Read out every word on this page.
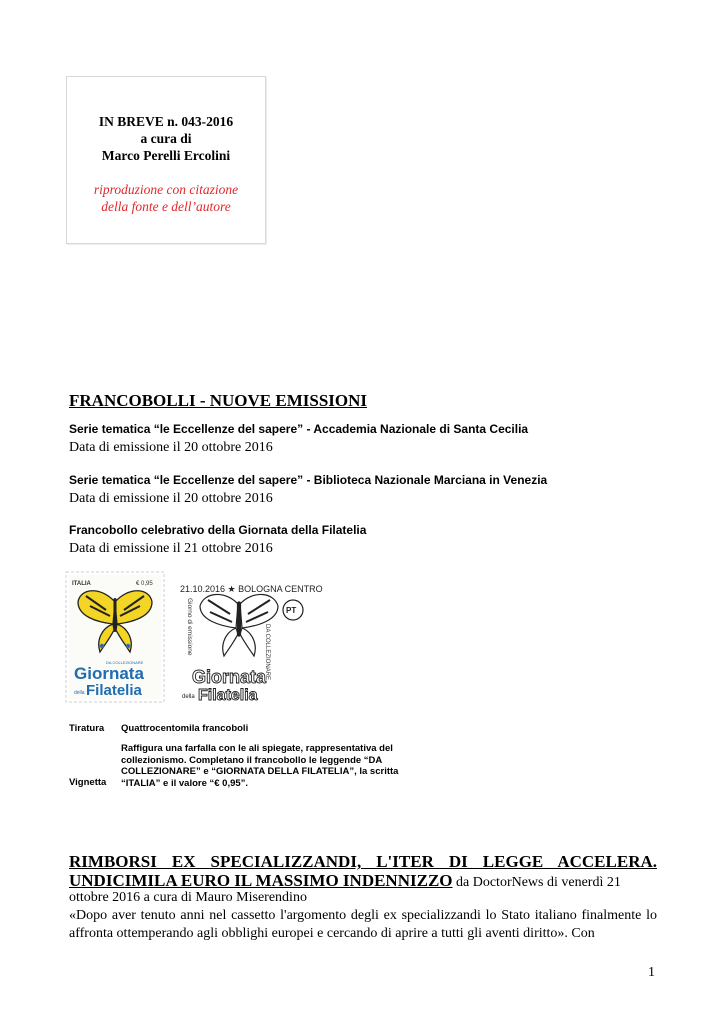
IN BREVE n. 043-2016
a cura di
Marco Perelli Ercolini
riproduzione con citazione
della fonte e dell’autore
FRANCOBOLLI - NUOVE EMISSIONI
Serie tematica “le Eccellenze del sapere” - Accademia Nazionale di Santa Cecilia
Data di emissione il 20 ottobre 2016
Serie tematica “le Eccellenze del sapere” - Biblioteca Nazionale Marciana in Venezia
Data di emissione il 20 ottobre 2016
Francobollo celebrativo della Giornata della Filatelia
Data di emissione il 21 ottobre 2016
ITALIA	€ 0,95
DA COLLEZIONARE
Giornata
della Filatelia
21.10.2016 ★ BOLOGNA CENTRO
Giorno di emissione	PT
DA COLLEZIONARE
Giornata
della Filatelia
Tiratura Quattrocentomila francoboli
Raffigura una farfalla con le ali spiegate, rappresentativa del
collezionismo. Completano il francobollo le leggende “DA
COLLEZIONARE” e “GIORNATA DELLA FILATELIA”, la scritta
“ITALIA” e il valore “€ 0,95”.
Vignetta
RIMBORSI EX SPECIALIZZANDI, L'ITER DI LEGGE ACCELERA.
UNDICIMILA EURO IL MASSIMO INDENNIZZO da DoctorNews di venerdì 21
ottobre 2016 a cura di Mauro Miserendino
«Dopo aver tenuto anni nel cassetto l'argomento degli ex specializzandi lo Stato italiano finalmente lo affronta ottemperando agli obblighi europei e cercando di aprire a tutti gli aventi diritto». Con
1
